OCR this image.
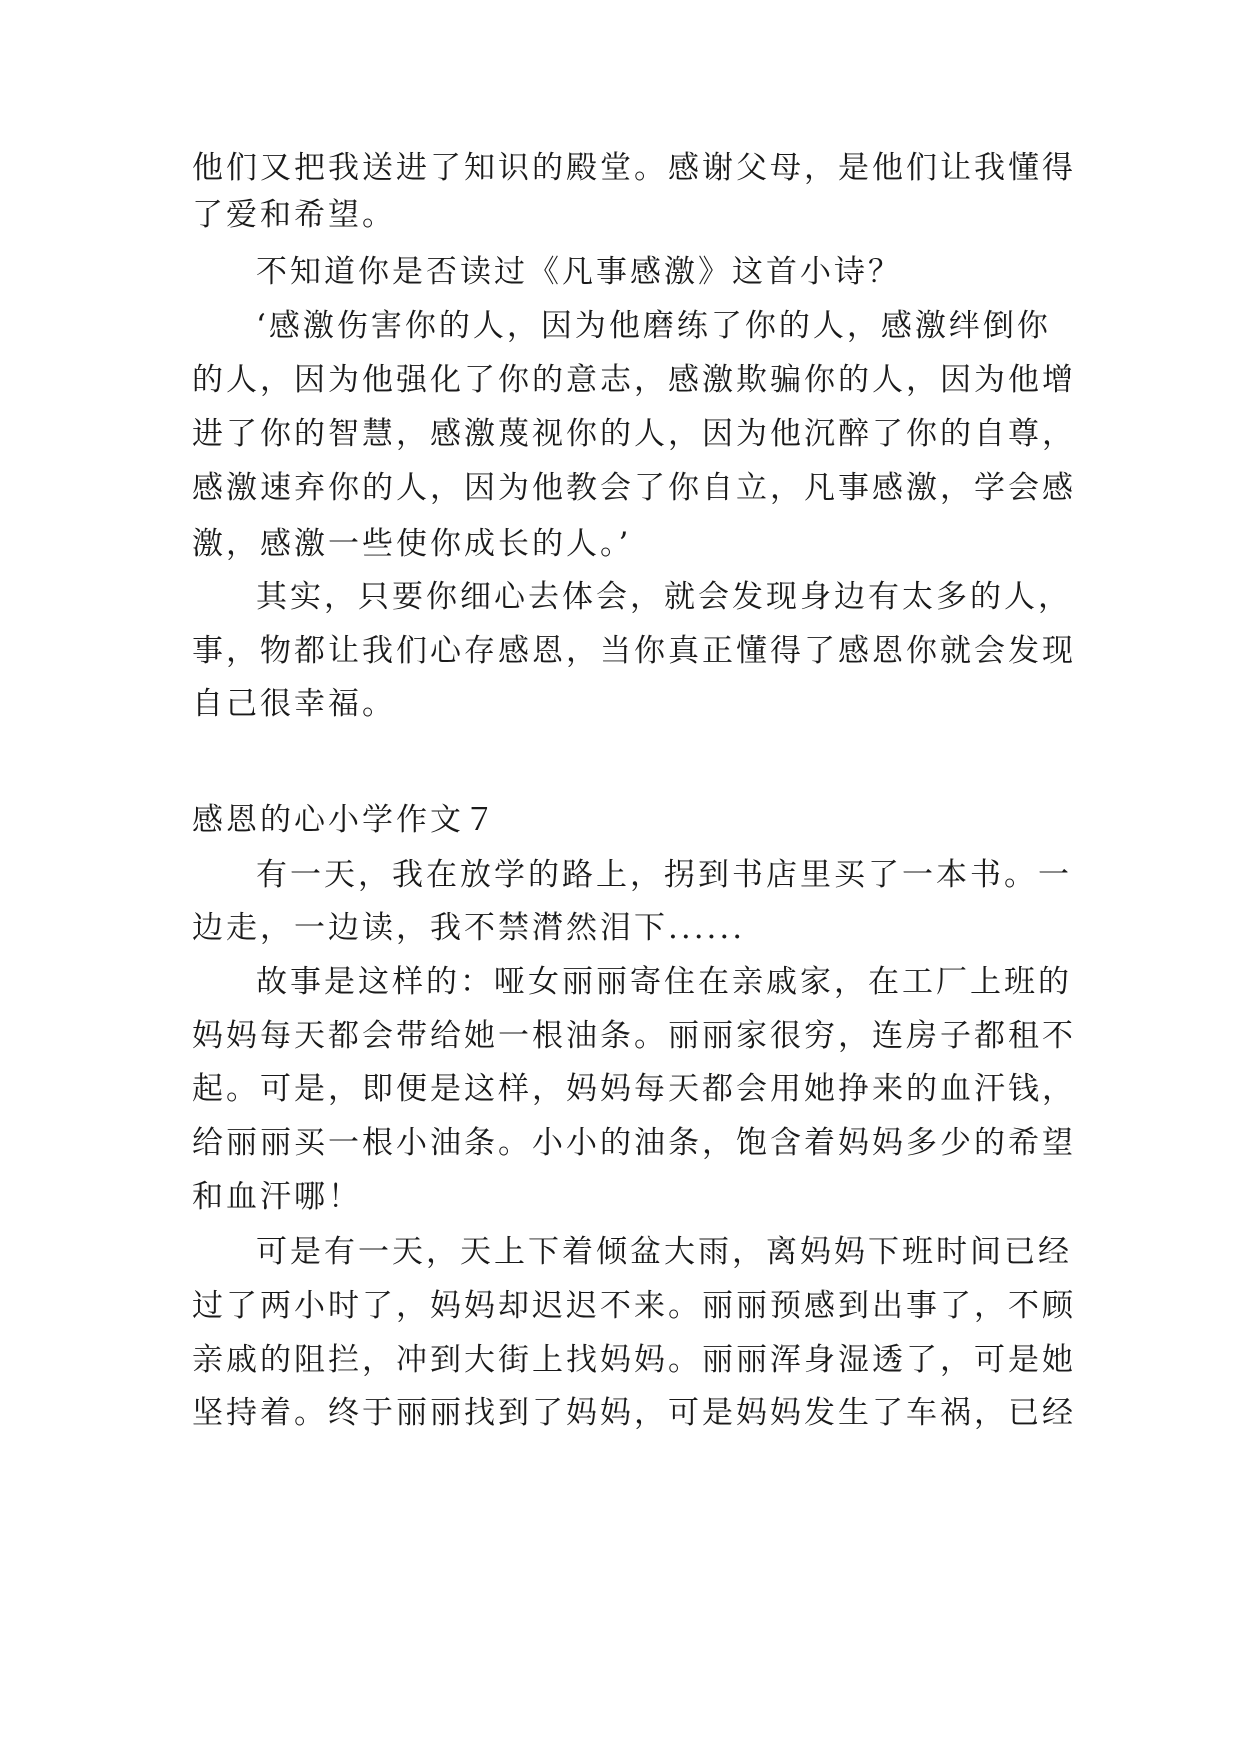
他们又把我送进了知识的殿堂。感谢父母，是他们让我懂得
了爱和希望。
不知道你是否读过《凡事感激》这首小诗？
‘感激伤害你的人，因为他磨练了你的人，感激绊倒你
的人，因为他强化了你的意志，感激欺骗你的人，因为他增
进了你的智慧，感激蔑视你的人，因为他沉醉了你的自尊，
感激速弃你的人，因为他教会了你自立，凡事感激，学会感
激，感激一些使你成长的人。’
其实，只要你细心去体会，就会发现身边有太多的人，
事，物都让我们心存感恩，当你真正懂得了感恩你就会发现
自己很幸福。
感恩的心小学作文７
有一天，我在放学的路上，拐到书店里买了一本书。一
边走，一边读，我不禁潸然泪下......
故事是这样的：哑女丽丽寄住在亲戚家，在工厂上班的
妈妈每天都会带给她一根油条。丽丽家很穷，连房子都租不
起。可是，即便是这样，妈妈每天都会用她挣来的血汗钱，
给丽丽买一根小油条。小小的油条，饱含着妈妈多少的希望
和血汗哪！
可是有一天，天上下着倾盆大雨，离妈妈下班时间已经
过了两小时了，妈妈却迟迟不来。丽丽预感到出事了，不顾
亲戚的阻拦，冲到大街上找妈妈。丽丽浑身湿透了，可是她
坚持着。终于丽丽找到了妈妈，可是妈妈发生了车祸，已经
